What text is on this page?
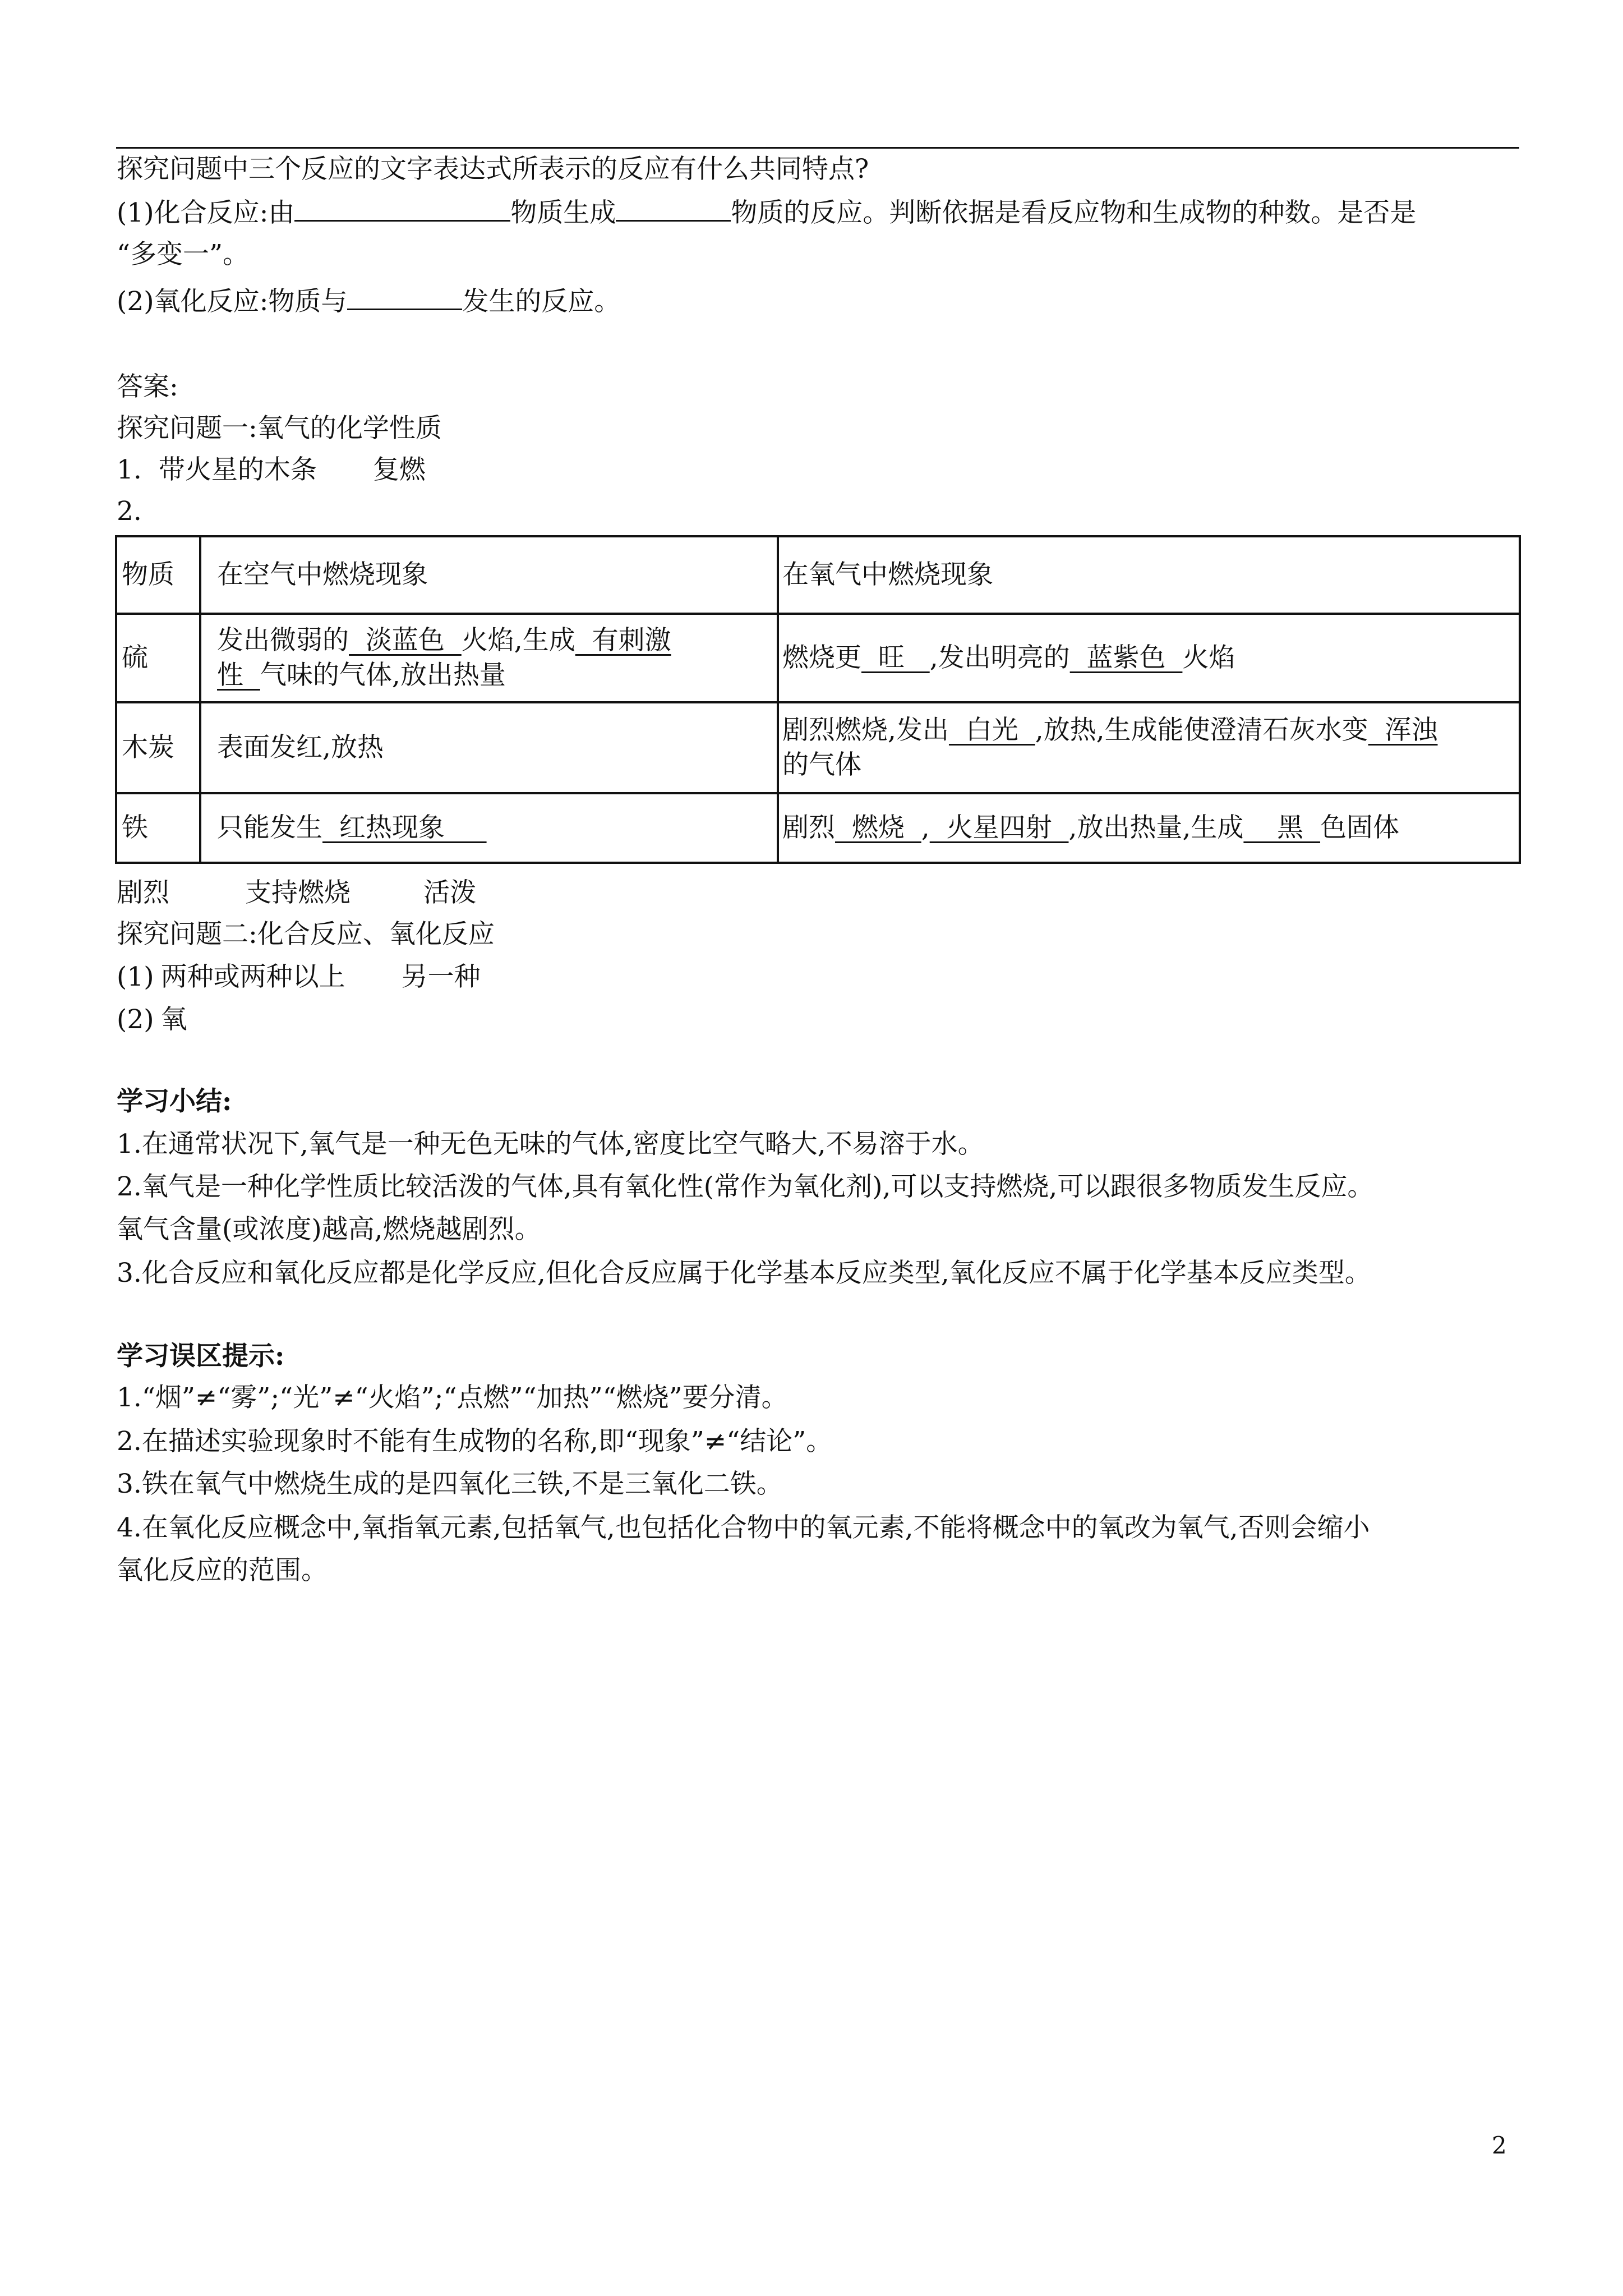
探究问题中三个反应的文字表达式所表示的反应有什么共同特点?
(1)化合反应:由	物质生成	物质的反应。判断依据是看反应物和生成物的种数。是否是
“多变一”。
(2)氧化反应:物质与	发生的反应。
答案:
探究问题一:氧气的化学性质
1. 带火星的木条 复燃
2.
物质	在空气中燃烧现象	在氧气中燃烧现象
硫	发出微弱的  淡蓝色  火焰,生成  有刺激
性  气味的气体,放出热量	燃烧更  旺   ,发出明亮的  蓝紫色  火焰
木炭	表面发红,放热	剧烈燃烧,发出  白光  ,放热,生成能使澄清石灰水变  浑浊
的气体
铁	只能发生  红热现象	剧烈  燃烧  ,  火星四射  ,放出热量,生成    黑  色固体
剧烈	支持燃烧	活泼
探究问题二:化合反应、氧化反应
(1) 两种或两种以上 另一种
(2) 氧
学习小结:
1.在通常状况下,氧气是一种无色无味的气体,密度比空气略大,不易溶于水。
2.氧气是一种化学性质比较活泼的气体,具有氧化性(常作为氧化剂),可以支持燃烧,可以跟很多物质发生反应。
氧气含量(或浓度)越高,燃烧越剧烈。
3.化合反应和氧化反应都是化学反应,但化合反应属于化学基本反应类型,氧化反应不属于化学基本反应类型。
学习误区提示:
1.“烟”≠“雾”;“光”≠“火焰”;“点燃”“加热”“燃烧”要分清。
2.在描述实验现象时不能有生成物的名称,即“现象”≠“结论”。
3.铁在氧气中燃烧生成的是四氧化三铁,不是三氧化二铁。
4.在氧化反应概念中,氧指氧元素,包括氧气,也包括化合物中的氧元素,不能将概念中的氧改为氧气,否则会缩小
氧化反应的范围。
2
